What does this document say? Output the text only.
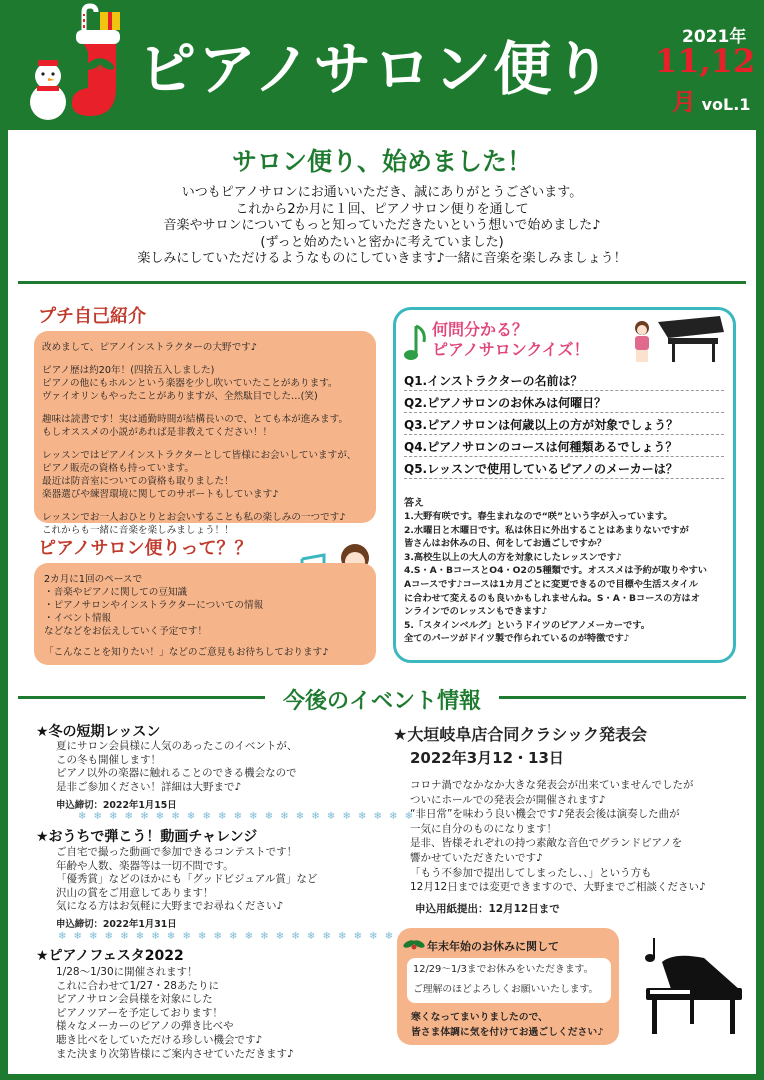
ピアノサロン便り	2021年
11,12
月 voL.1
サロン便り、始めました！
いつもピアノサロンにお通いいただき、誠にありがとうございます。
これから2か月に１回、ピアノサロン便りを通して
音楽やサロンについてもっと知っていただきたいという想いで始めました♪
(ずっと始めたいと密かに考えていました)
楽しみにしていただけるようなものにしていきます♪一緒に音楽を楽しみましょう！
プチ自己紹介

改めまして、ピアノインストラクターの大野です♪

ピアノ歴は約20年！(四捨五入しました)
ピアノの他にもホルンという楽器を少し吹いていたことがあります。
ヴァイオリンもやったことがありますが、全然駄目でした…(笑)

趣味は読書です！実は通勤時間が結構長いので、とても本が進みます。
もしオススメの小説があれば是非教えてください！！

レッスンではピアノインストラクターとして皆様にお会いしていますが、
ピアノ販売の資格も持っています。
最近は防音室についての資格も取りました！
楽器選びや練習環境に関してのサポートもしています♪

レッスンでお一人おひとりとお会いすることも私の楽しみの一つです♪
これからも一緒に音楽を楽しみましょう！！

ピアノサロン便りって？？

2カ月に1回のペースで
・音楽やピアノに関しての豆知識
・ピアノサロンやインストラクターについての情報
・イベント情報
などなどをお伝えしていく予定です！

「こんなことを知りたい！」などのご意見もお待ちしております♪

何問分かる？
ピアノサロンクイズ！
Q1.インストラクターの名前は？
Q2.ピアノサロンのお休みは何曜日？
Q3.ピアノサロンは何歳以上の方が対象でしょう？
Q4.ピアノサロンのコースは何種類あるでしょう？
Q5.レッスンで使用しているピアノのメーカーは？
答え

1.大野有咲です。春生まれなので“咲”という字が入っています。

2.水曜日と木曜日です。私は休日に外出することはあまりないですが
皆さんはお休みの日、何をしてお過ごしですか？

3.高校生以上の大人の方を対象にしたレッスンです♪

4.S・A・BコースとO4・O2の5種類です。オススメは予約が取りやすい
Aコースです♪コースは1カ月ごとに変更できるので目標や生活スタイル
に合わせて変えるのも良いかもしれませんね。S・A・Bコースの方はオ
ンラインでのレッスンもできます♪

5.「スタインベルグ」というドイツのピアノメーカーです。
全てのパーツがドイツ製で作られているのが特徴です♪

今後のイベント情報
★冬の短期レッスン
夏にサロン会員様に人気のあったこのイベントが、
この冬も開催します！
ピアノ以外の楽器に触れることのできる機会なので
是非ご参加ください！詳細は大野まで♪
申込締切：2022年1月15日
❄ ❄ ❄ ❄ ❄ ❄ ❄ ❄ ❄ ❄ ❄ ❄ ❄ ❄ ❄ ❄ ❄ ❄ ❄ ❄ ❄ ❄
★おうちで弾こう！動画チャレンジ
ご自宅で撮った動画で参加できるコンテストです！
年齢や人数、楽器等は一切不問です。
「優秀賞」などのほかにも「グッドビジュアル賞」など
沢山の賞をご用意してあります！
気になる方はお気軽に大野までお尋ねください♪
申込締切：2022年1月31日
❄ ❄ ❄ ❄ ❄ ❄ ❄ ❄ ❄ ❄ ❄ ❄ ❄ ❄ ❄ ❄ ❄ ❄ ❄ ❄ ❄ ❄
★ピアノフェスタ2022
1/28～1/30に開催されます！
これに合わせて1/27・28あたりに
ピアノサロン会員様を対象にした
ピアノツアーを予定しております！
様々なメーカーのピアノの弾き比べや
聴き比べをしていただける珍しい機会です♪
また決まり次第皆様にご案内させていただきます♪
★大垣岐阜店合同クラシック発表会
2022年3月12・13日
コロナ渦でなかなか大きな発表会が出来ていませんでしたが
ついにホールでの発表会が開催されます♪
“非日常”を味わう良い機会です♪発表会後は演奏した曲が
一気に自分のものになります！
是非、皆様それぞれの持つ素敵な音色でグランドピアノを
響かせていただきたいです♪
「もう不参加で提出してしまったし、、」という方も
12月12日までは変更できますので、大野までご相談ください♪
申込用紙提出：12月12日まで
年末年始のお休みに関して
12/29～1/3までお休みをいただきます。
ご理解のほどよろしくお願いいたします。
寒くなってまいりましたので、
皆さま体調に気を付けてお過ごしください♪
